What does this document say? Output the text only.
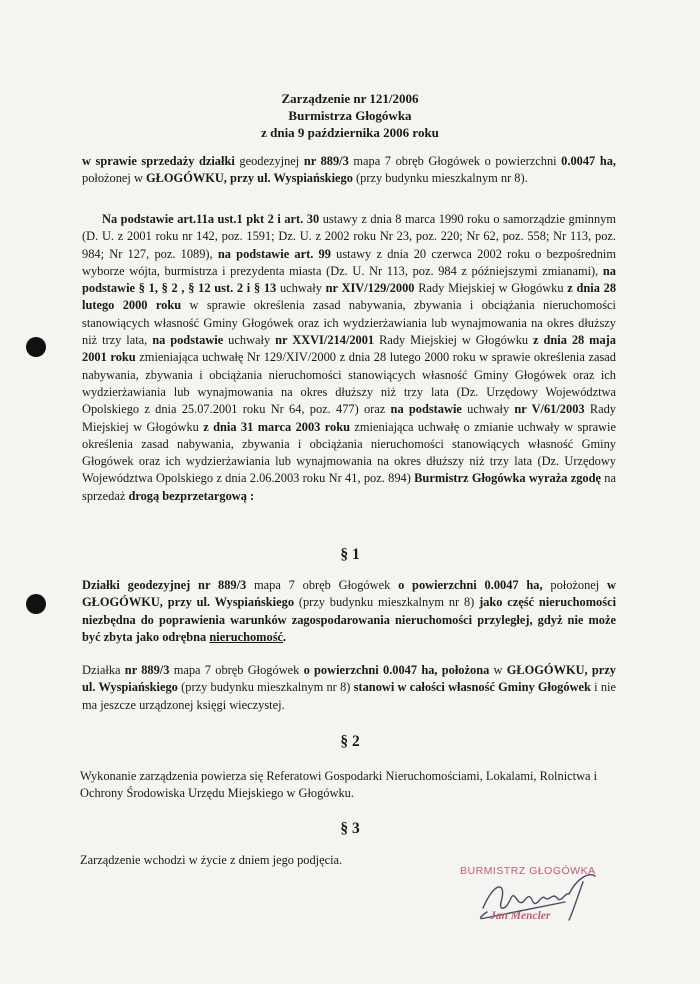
Zarządzenie nr 121/2006
Burmistrza Głogówka
z dnia 9 października 2006 roku
w sprawie sprzedaży działki geodezyjnej nr 889/3 mapa 7 obręb Głogówek o powierzchni 0.0047 ha, położonej w GŁOGÓWKU, przy ul. Wyspiańskiego (przy budynku mieszkalnym nr 8).
Na podstawie art.11a ust.1 pkt 2 i art. 30 ustawy z dnia 8 marca 1990 roku o samorządzie gminnym (D. U. z 2001 roku nr 142, poz. 1591; Dz. U. z 2002 roku Nr 23, poz. 220; Nr 62, poz. 558; Nr 113, poz. 984; Nr 127, poz. 1089), na podstawie art. 99 ustawy z dnia 20 czerwca 2002 roku o bezpośrednim wyborze wójta, burmistrza i prezydenta miasta (Dz. U. Nr 113, poz. 984 z późniejszymi zmianami), na podstawie § 1, § 2 , § 12 ust. 2 i § 13 uchwały nr XIV/129/2000 Rady Miejskiej w Głogówku z dnia 28 lutego 2000 roku w sprawie określenia zasad nabywania, zbywania i obciążania nieruchomości stanowiących własność Gminy Głogówek oraz ich wydzierżawiania lub wynajmowania na okres dłuższy niż trzy lata, na podstawie uchwały nr XXVI/214/2001 Rady Miejskiej w Głogówku z dnia 28 maja 2001 roku zmieniająca uchwałę Nr 129/XIV/2000 z dnia 28 lutego 2000 roku w sprawie określenia zasad nabywania, zbywania i obciążania nieruchomości stanowiących własność Gminy Głogówek oraz ich wydzierżawiania lub wynajmowania na okres dłuższy niż trzy lata (Dz. Urzędowy Województwa Opolskiego z dnia 25.07.2001 roku Nr 64, poz. 477) oraz na podstawie uchwały nr V/61/2003 Rady Miejskiej w Głogówku z dnia 31 marca 2003 roku zmieniająca uchwałę o zmianie uchwały w sprawie określenia zasad nabywania, zbywania i obciążania nieruchomości stanowiących własność Gminy Głogówek oraz ich wydzierżawiania lub wynajmowania na okres dłuższy niż trzy lata (Dz. Urzędowy Województwa Opolskiego z dnia 2.06.2003 roku Nr 41, poz. 894) Burmistrz Głogówka wyraża zgodę na sprzedaż drogą bezprzetargową :
§ 1
Działki geodezyjnej nr 889/3 mapa 7 obręb Głogówek o powierzchni 0.0047 ha, położonej w GŁOGÓWKU, przy ul. Wyspiańskiego (przy budynku mieszkalnym nr 8) jako część nieruchomości niezbędna do poprawienia warunków zagospodarowania nieruchomości przyległej, gdyż nie może być zbyta jako odrębna nieruchomość.
Działka nr 889/3 mapa 7 obręb Głogówek o powierzchni 0.0047 ha, położona w GŁOGÓWKU, przy ul. Wyspiańskiego (przy budynku mieszkalnym nr 8) stanowi w całości własność Gminy Głogówek i nie ma jeszcze urządzonej księgi wieczystej.
§ 2
Wykonanie zarządzenia powierza się Referatowi Gospodarki Nieruchomościami, Lokalami, Rolnictwa i Ochrony Środowiska Urzędu Miejskiego w Głogówku.
§ 3
Zarządzenie wchodzi w życie z dniem jego podjęcia.
BURMISTRZ GŁOGÓWKA
Jan Mencler
